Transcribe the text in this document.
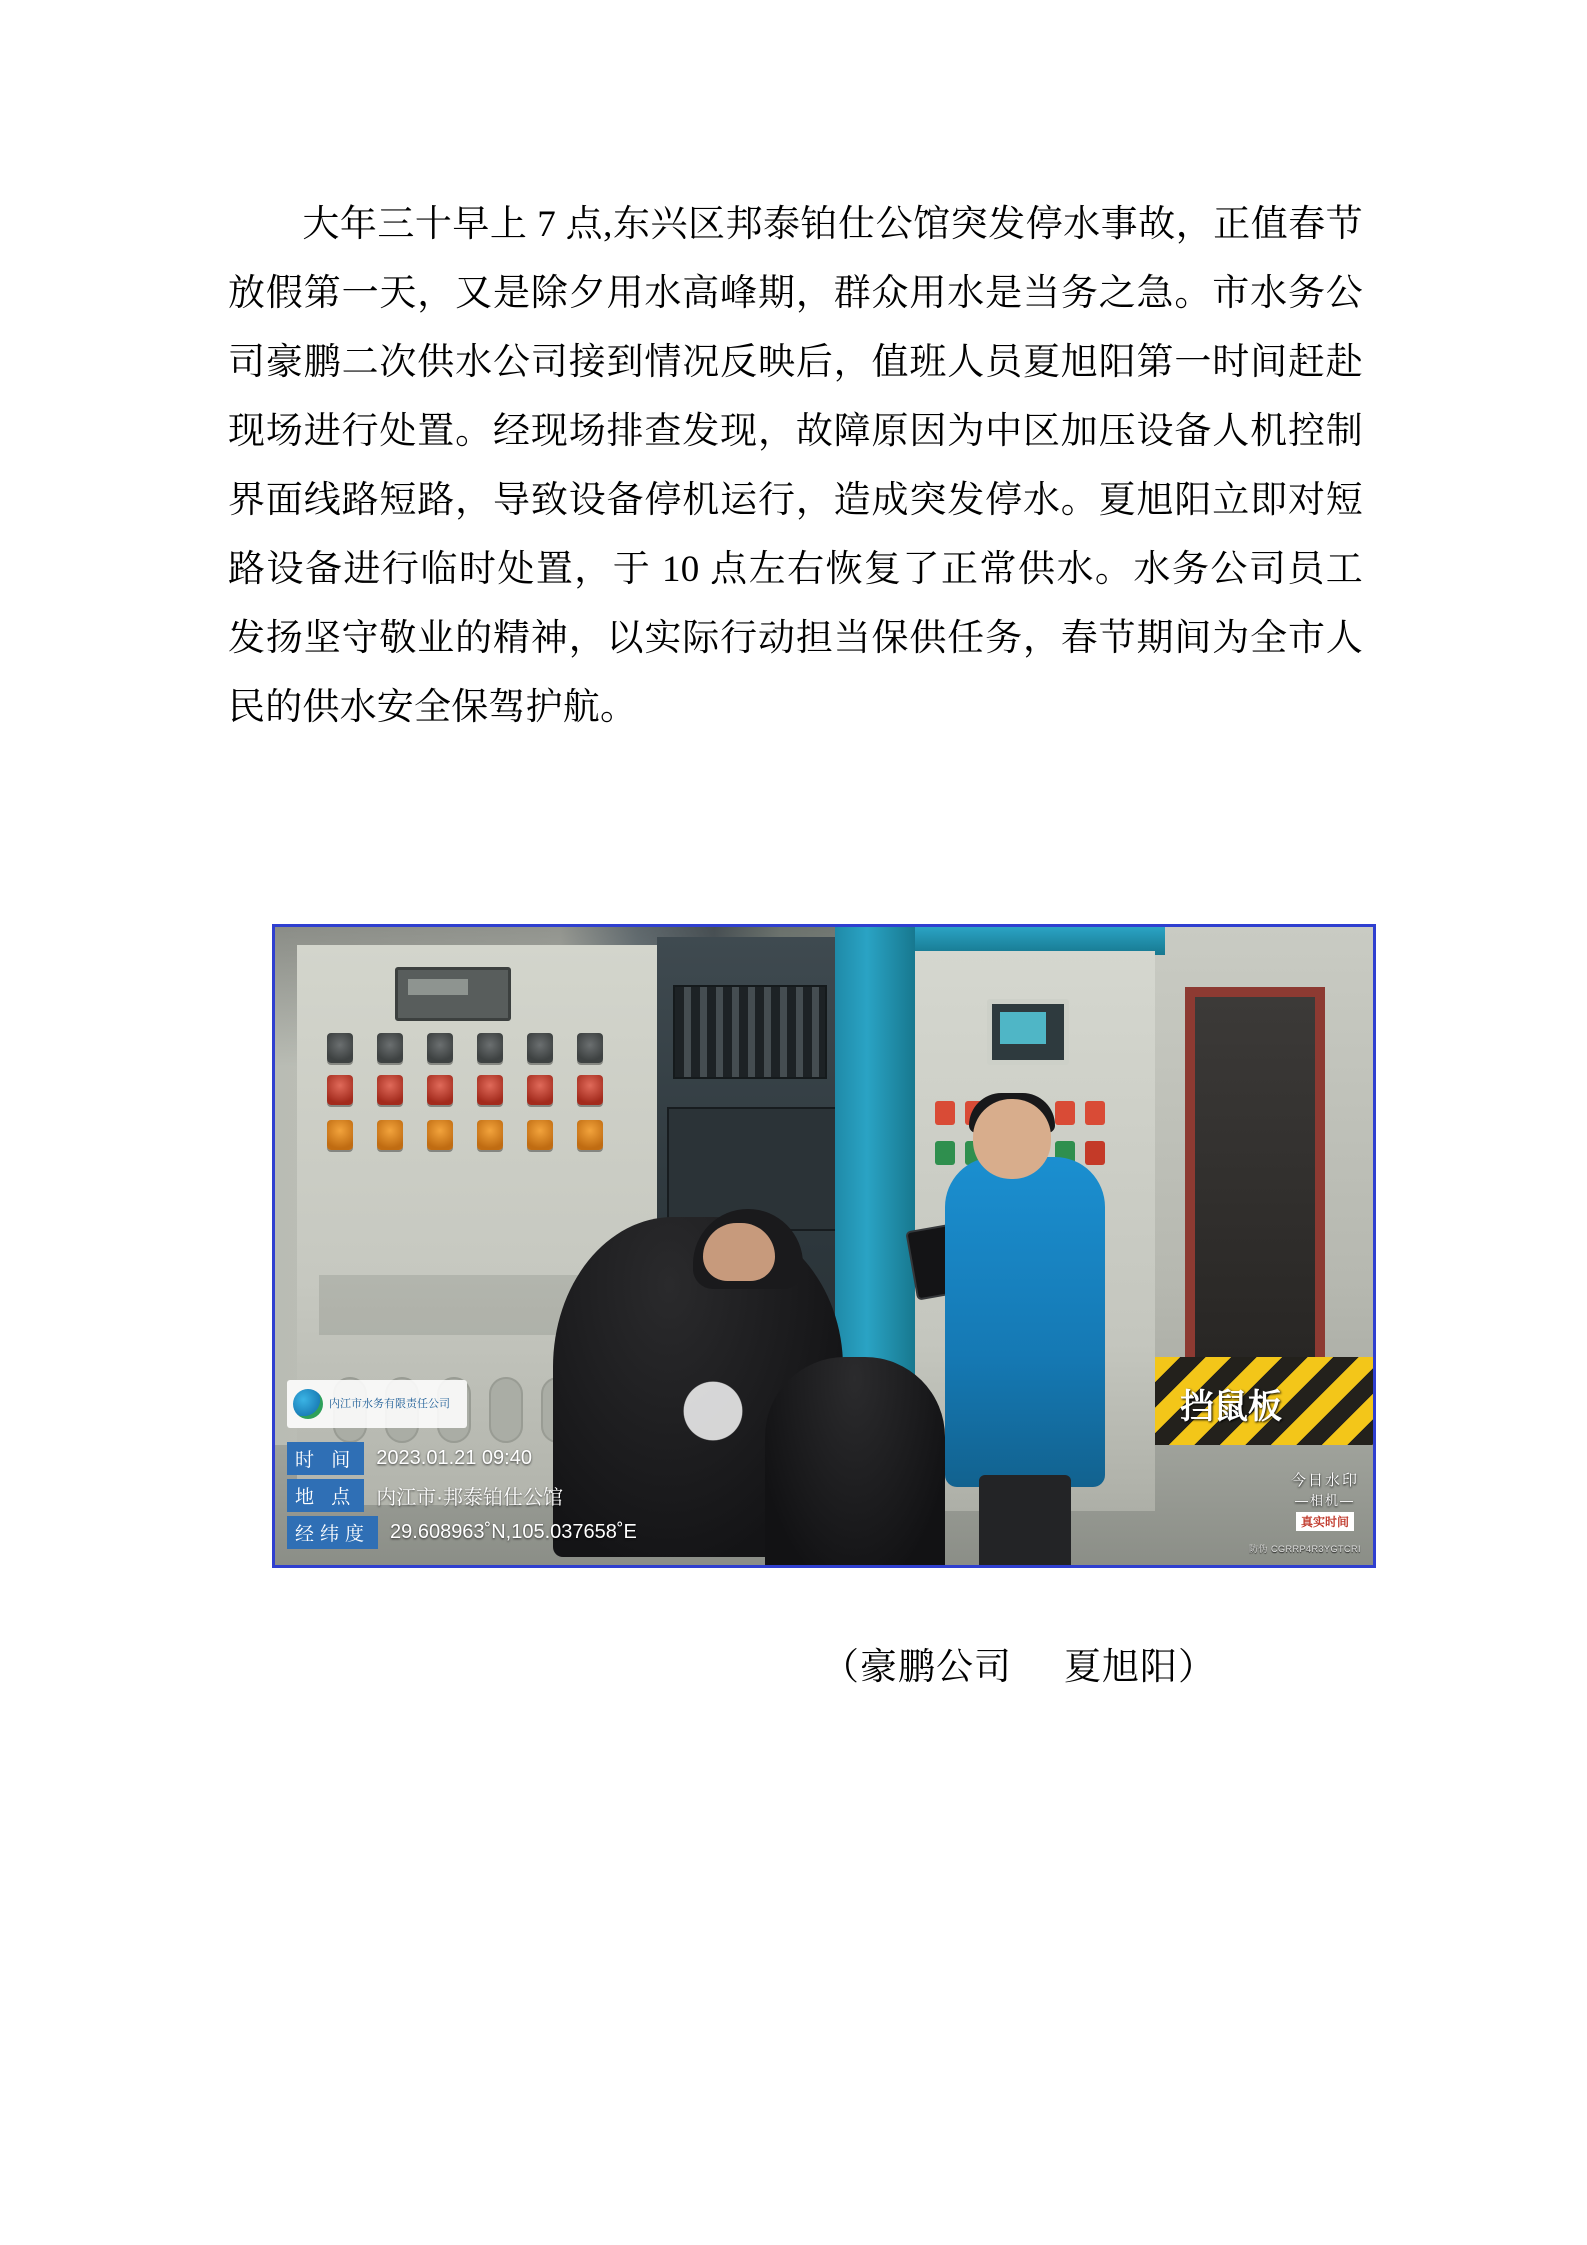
大年三十早上 7 点,东兴区邦泰铂仕公馆突发停水事故，正值春节放假第一天，又是除夕用水高峰期，群众用水是当务之急。市水务公司豪鹏二次供水公司接到情况反映后，值班人员夏旭阳第一时间赶赴现场进行处置。经现场排查发现，故障原因为中区加压设备人机控制界面线路短路，导致设备停机运行，造成突发停水。夏旭阳立即对短路设备进行临时处置，于 10 点左右恢复了正常供水。水务公司员工发扬坚守敬业的精神，以实际行动担当保供任务，春节期间为全市人民的供水安全保驾护航。
挡鼠板
内江市水务有限责任公司
时 间	2023.01.21 09:40
地 点	内江市·邦泰铂仕公馆
经纬度	29.608963˚N,105.037658˚E
今日水印
—相机—
真实时间
防伪 CGRRP4R3YGTCRI
（豪鹏公司 夏旭阳）
